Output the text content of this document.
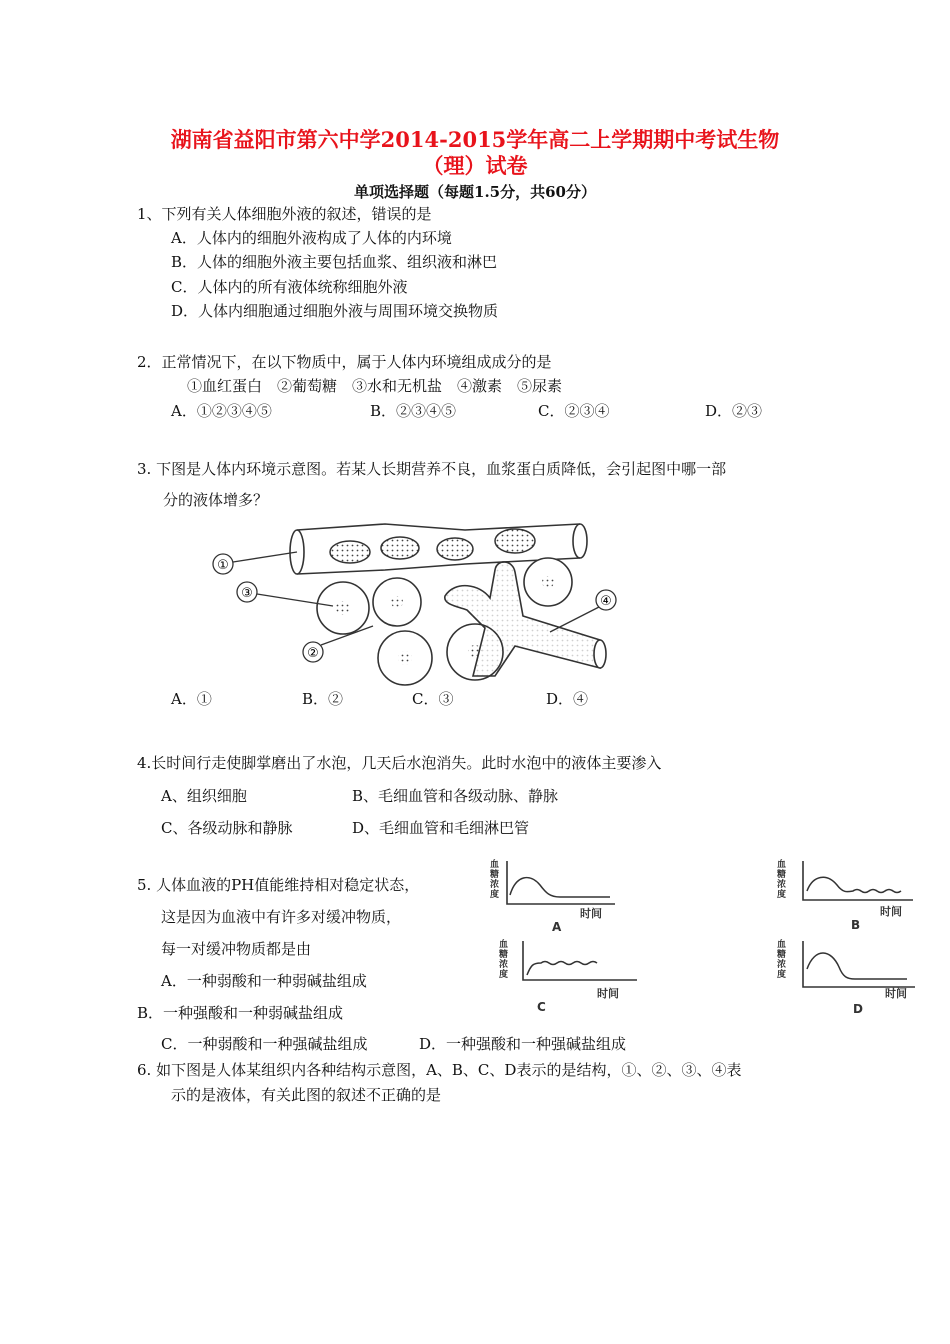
湖南省益阳市第六中学2014-2015学年高二上学期期中考试生物
（理）试卷
单项选择题（每题1.5分，共60分）
1、下列有关人体细胞外液的叙述，错误的是
A．人体内的细胞外液构成了人体的内环境
B．人体的细胞外液主要包括血浆、组织液和淋巴
C．人体内的所有液体统称细胞外液
D．人体内细胞通过细胞外液与周围环境交换物质
2．正常情况下，在以下物质中，属于人体内环境组成成分的是
①血红蛋白　②葡萄糖　③水和无机盐　④激素　⑤尿素
A．①②③④⑤	B．②③④⑤	C．②③④	D．②③
3. 下图是人体内环境示意图。若某人长期营养不良，血浆蛋白质降低，会引起图中哪一部
分的液体增多？
①
③
②
④
A．①	B．②	C．③	D．④
4.长时间行走使脚掌磨出了水泡，几天后水泡消失。此时水泡中的液体主要渗入
A、组织细胞	B、毛细血管和各级动脉、静脉
C、各级动脉和静脉	D、毛细血管和毛细淋巴管
5. 人体血液的PH值能维持相对稳定状态，
这是因为血液中有许多对缓冲物质，
每一对缓冲物质都是由
A．一种弱酸和一种弱碱盐组成
B．一种强酸和一种弱碱盐组成
C．一种弱酸和一种强碱盐组成	D．一种强酸和一种强碱盐组成
血
糖
浓
度
时间
A
血
糖
浓
度
时间
B
血
糖
浓
度
时间
C
血
糖
浓
度
时间
D
6. 如下图是人体某组织内各种结构示意图，A、B、C、D表示的是结构，①、②、③、④表
示的是液体，有关此图的叙述不正确的是
